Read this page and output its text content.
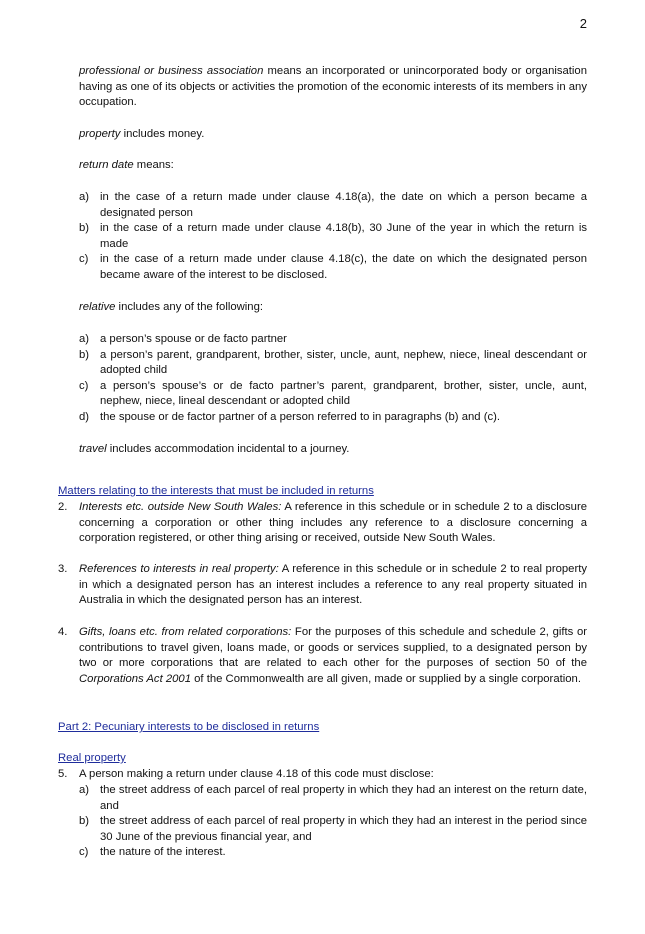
2

professional or business association means an incorporated or unincorporated body or organisation having as one of its objects or activities the promotion of the economic interests of its members in any occupation.

property includes money.

return date means:

a) in the case of a return made under clause 4.18(a), the date on which a person became a designated person
b) in the case of a return made under clause 4.18(b), 30 June of the year in which the return is made
c) in the case of a return made under clause 4.18(c), the date on which the designated person became aware of the interest to be disclosed.

relative includes any of the following:

a) a person’s spouse or de facto partner
b) a person’s parent, grandparent, brother, sister, uncle, aunt, nephew, niece, lineal descendant or adopted child
c) a person’s spouse’s or de facto partner’s parent, grandparent, brother, sister, uncle, aunt, nephew, niece, lineal descendant or adopted child
d) the spouse or de factor partner of a person referred to in paragraphs (b) and (c).

travel includes accommodation incidental to a journey.

Matters relating to the interests that must be included in returns
2. Interests etc. outside New South Wales: A reference in this schedule or in schedule 2 to a disclosure concerning a corporation or other thing includes any reference to a disclosure concerning a corporation registered, or other thing arising or received, outside New South Wales.
3. References to interests in real property: A reference in this schedule or in schedule 2 to real property in which a designated person has an interest includes a reference to any real property situated in Australia in which the designated person has an interest.
4. Gifts, loans etc. from related corporations: For the purposes of this schedule and schedule 2, gifts or contributions to travel given, loans made, or goods or services supplied, to a designated person by two or more corporations that are related to each other for the purposes of section 50 of the Corporations Act 2001 of the Commonwealth are all given, made or supplied by a single corporation.
Part 2: Pecuniary interests to be disclosed in returns
Real property
5. A person making a return under clause 4.18 of this code must disclose:
a) the street address of each parcel of real property in which they had an interest on the return date, and
b) the street address of each parcel of real property in which they had an interest in the period since 30 June of the previous financial year, and
c) the nature of the interest.
